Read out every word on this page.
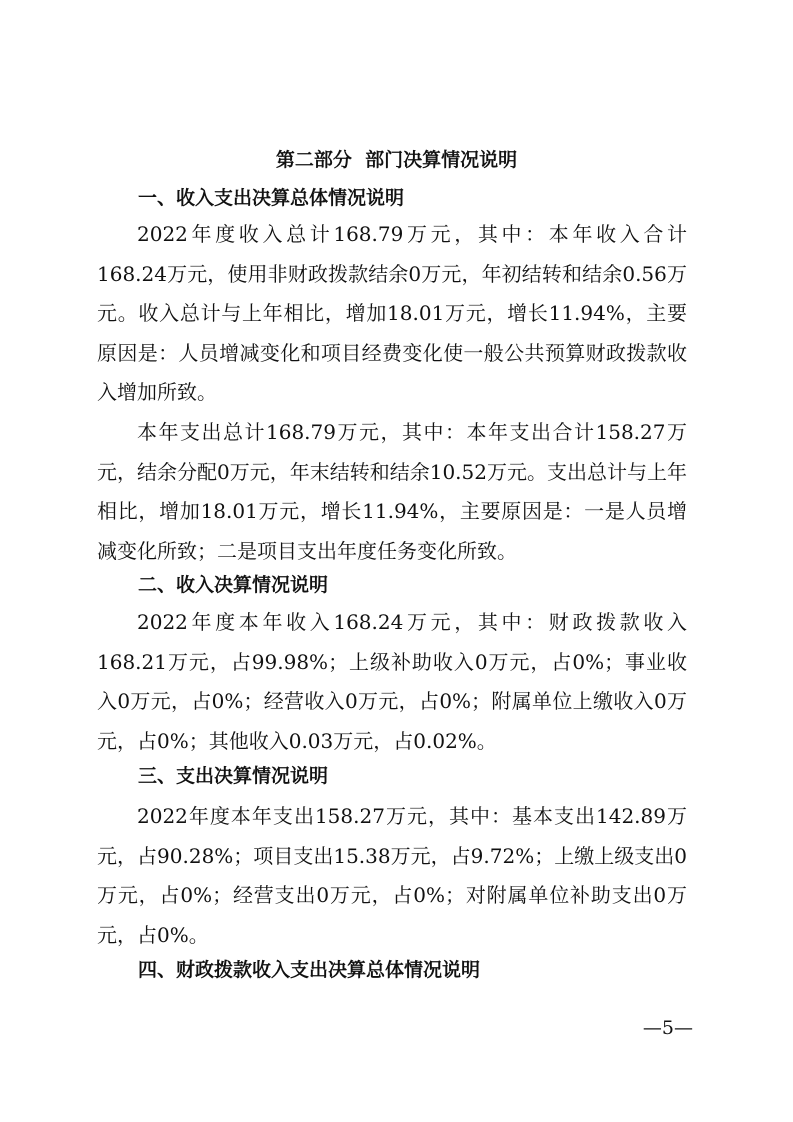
第二部分  部门决算情况说明
一、收入支出决算总体情况说明
2022年度收入总计168.79万元，其中：本年收入合计168.24万元，使用非财政拨款结余0万元，年初结转和结余0.56万元。收入总计与上年相比，增加18.01万元，增长11.94%，主要原因是：人员增减变化和项目经费变化使一般公共预算财政拨款收入增加所致。
本年支出总计168.79万元，其中：本年支出合计158.27万元，结余分配0万元，年末结转和结余10.52万元。支出总计与上年相比，增加18.01万元，增长11.94%，主要原因是：一是人员增减变化所致；二是项目支出年度任务变化所致。
二、收入决算情况说明
2022年度本年收入168.24万元，其中：财政拨款收入168.21万元，占99.98%；上级补助收入0万元，占0%；事业收入0万元，占0%；经营收入0万元，占0%；附属单位上缴收入0万元，占0%；其他收入0.03万元，占0.02%。
三、支出决算情况说明
2022年度本年支出158.27万元，其中：基本支出142.89万元，占90.28%；项目支出15.38万元，占9.72%；上缴上级支出0万元，占0%；经营支出0万元，占0%；对附属单位补助支出0万元，占0%。
四、财政拨款收入支出决算总体情况说明
—5—
